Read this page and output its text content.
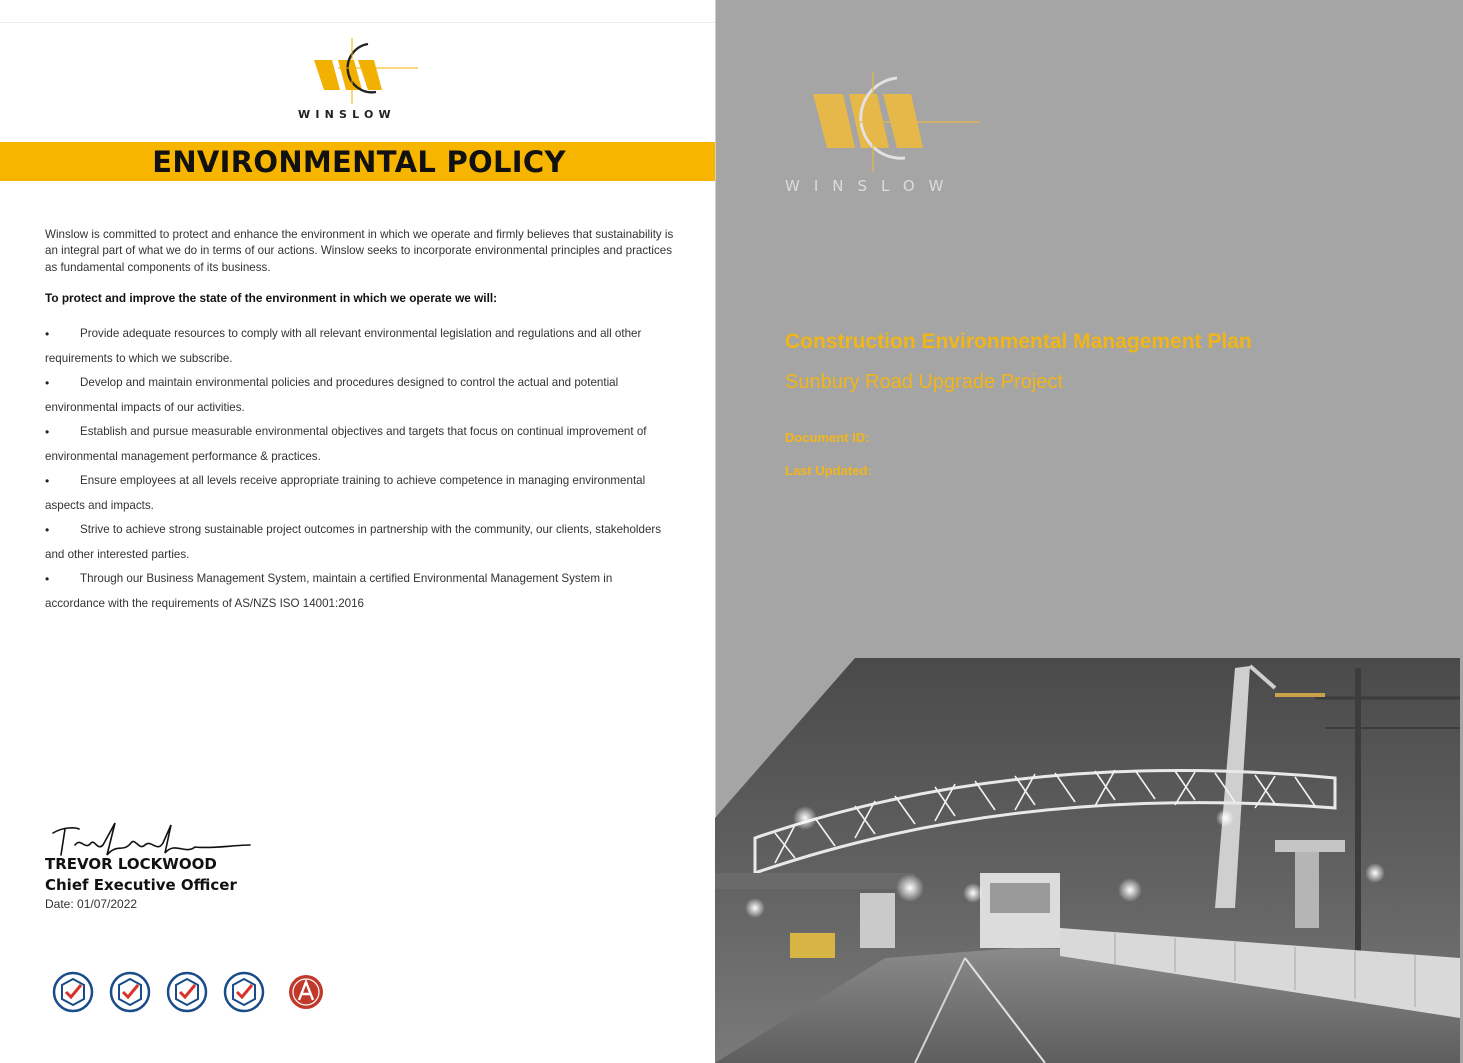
WINSLOW
ENVIRONMENTAL POLICY

Winslow is committed to protect and enhance the environment in which we operate and firmly believes that sustainability is an integral part of what we do in terms of our actions. Winslow seeks to incorporate environmental principles and practices as fundamental components of its business.

To protect and improve the state of the environment in which we operate we will:
•	Provide adequate resources to comply with all relevant environmental legislation and regulations and all other requirements to which we subscribe.
•	Develop and maintain environmental policies and procedures designed to control the actual and potential environmental impacts of our activities.
•	Establish and pursue measurable environmental objectives and targets that focus on continual improvement of environmental management performance & practices.
•	Ensure employees at all levels receive appropriate training to achieve competence in managing environmental aspects and impacts.
•	Strive to achieve strong sustainable project outcomes in partnership with the community, our clients, stakeholders and other interested parties.
•	Through our Business Management System, maintain a certified Environmental Management System in accordance with the requirements of AS/NZS ISO 14001:2016
TREVOR LOCKWOOD
Chief Executive Officer
Date: 01/07/2022
WINSLOW
Construction Environmental Management Plan
Sunbury Road Upgrade Project
Document ID:
Last Updated:
